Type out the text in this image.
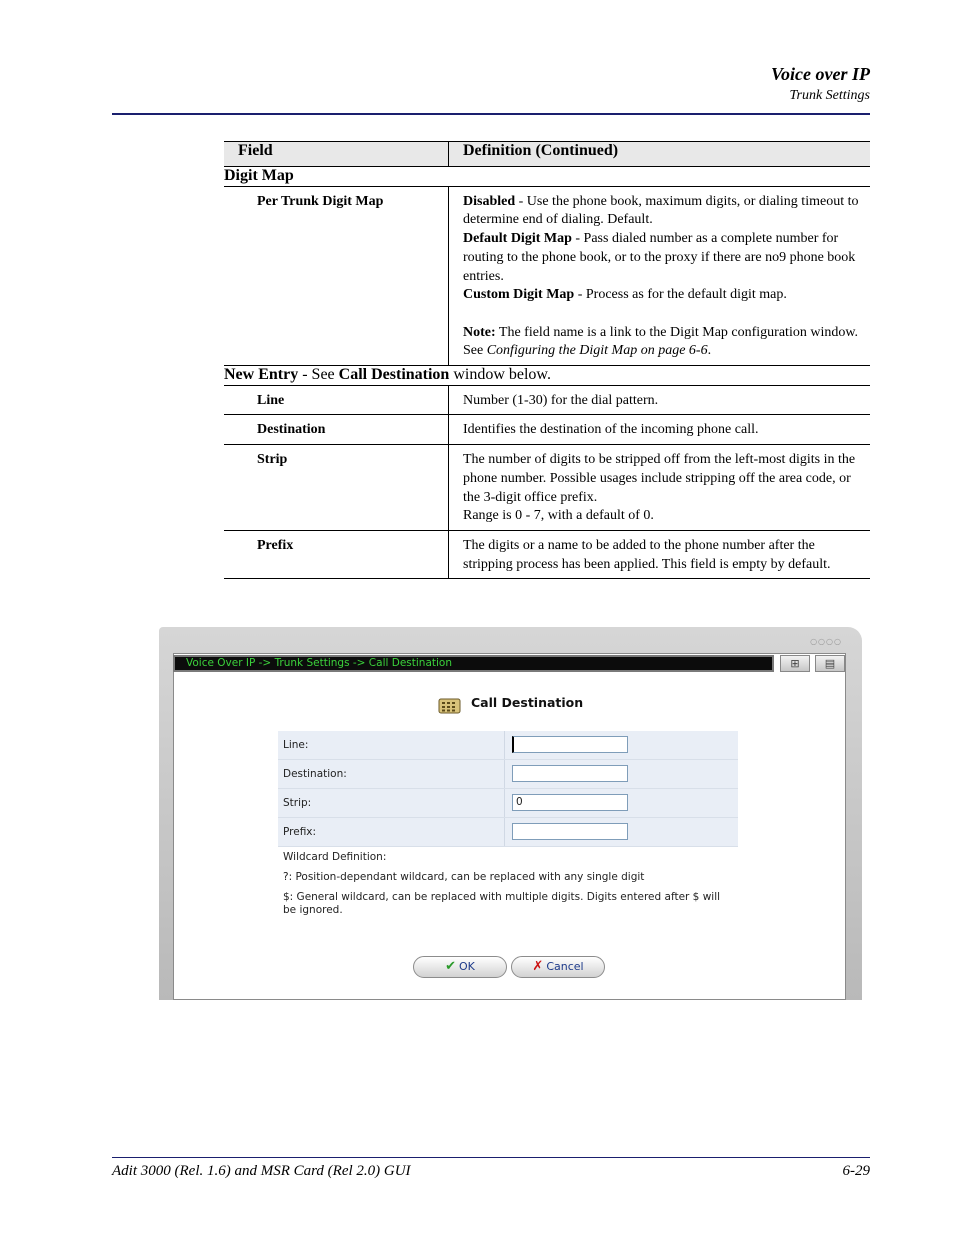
Voice over IP
Trunk Settings
Field	Definition (Continued)
Digit Map	
Per Trunk Digit Map	Disabled - Use the phone book, maximum digits, or dialing timeout to determine end of dialing. Default.
Default Digit Map - Pass dialed number as a complete number for routing to the phone book, or to the proxy if there are no9 phone book entries.
Custom Digit Map - Process as for the default digit map.
Note: The field name is a link to the Digit Map configuration window. See Configuring the Digit Map on page 6-6.

New Entry - See Call Destination window below.	
Line	Number (1-30) for the dial pattern.
Destination	Identifies the destination of the incoming phone call.
Strip	The number of digits to be stripped off from the left-most digits in the phone number. Possible usages include stripping off the area code, or the 3-digit office prefix.
Range is 0 - 7, with a default of 0.

Prefix	The digits or a name to be added to the phone number after the stripping process has been applied. This field is empty by default.
○○○○
Voice Over IP -> Trunk Settings -> Call Destination	⊞	▤
Call Destination
Line:
Destination:
Strip:	0
Prefix:
Wildcard Definition:
?: Position-dependant wildcard, can be replaced with any single digit
$: General wildcard, can be replaced with multiple digits. Digits entered after $ will be ignored.
✔ OK	✗ Cancel
Adit 3000 (Rel. 1.6) and MSR Card (Rel 2.0) GUI	6-29
